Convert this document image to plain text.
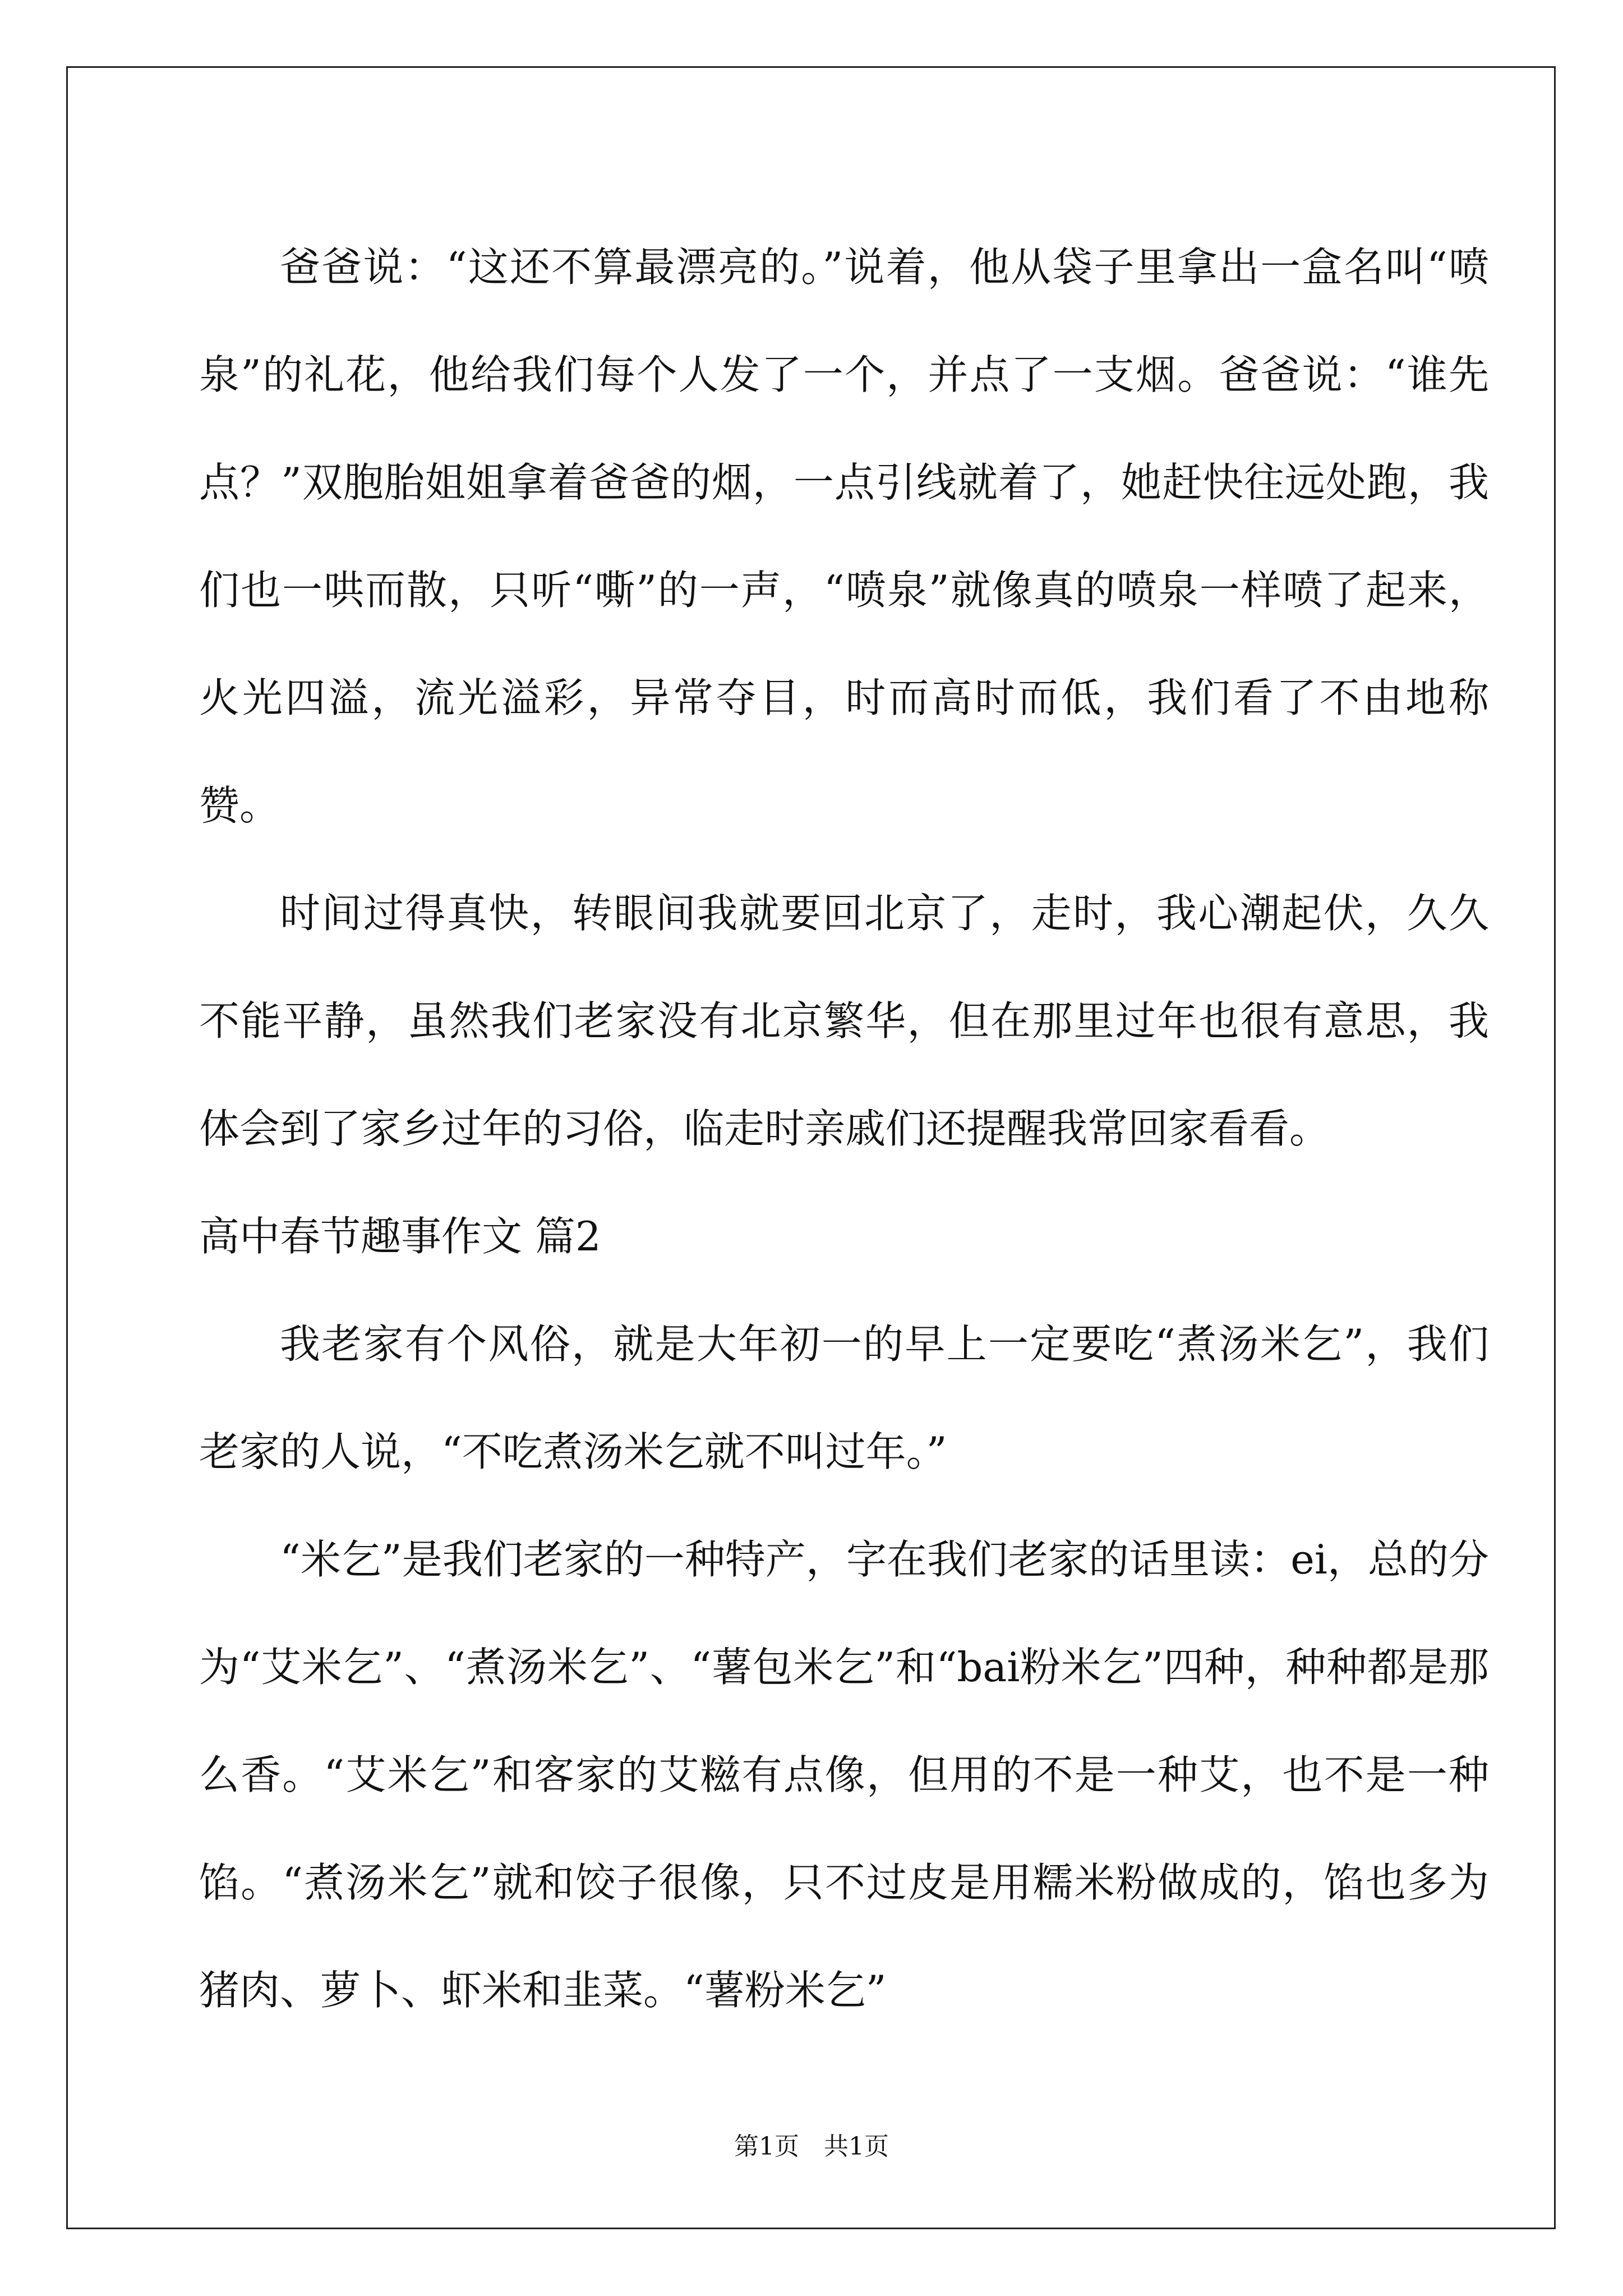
爸爸说：“这还不算最漂亮的。”说着，他从袋子里拿出一盒名叫“喷泉”的礼花，他给我们每个人发了一个，并点了一支烟。爸爸说：“谁先点？”双胞胎姐姐拿着爸爸的烟，一点引线就着了，她赶快往远处跑，我们也一哄而散，只听“嘶”的一声，“喷泉”就像真的喷泉一样喷了起来，火光四溢，流光溢彩，异常夺目，时而高时而低，我们看了不由地称赞。

时间过得真快，转眼间我就要回北京了，走时，我心潮起伏，久久不能平静，虽然我们老家没有北京繁华，但在那里过年也很有意思，我体会到了家乡过年的习俗，临走时亲戚们还提醒我常回家看看。

高中春节趣事作文 篇2

我老家有个风俗，就是大年初一的早上一定要吃“煮汤米乞”，我们老家的人说，“不吃煮汤米乞就不叫过年。”

“米乞”是我们老家的一种特产，字在我们老家的话里读：ei，总的分为“艾米乞”、“煮汤米乞”、“薯包米乞”和“bai粉米乞”四种，种种都是那么香。“艾米乞”和客家的艾糍有点像，但用的不是一种艾，也不是一种馅。“煮汤米乞”就和饺子很像，只不过皮是用糯米粉做成的，馅也多为猪肉、萝卜、虾米和韭菜。“薯粉米乞”

第1页　共1页
